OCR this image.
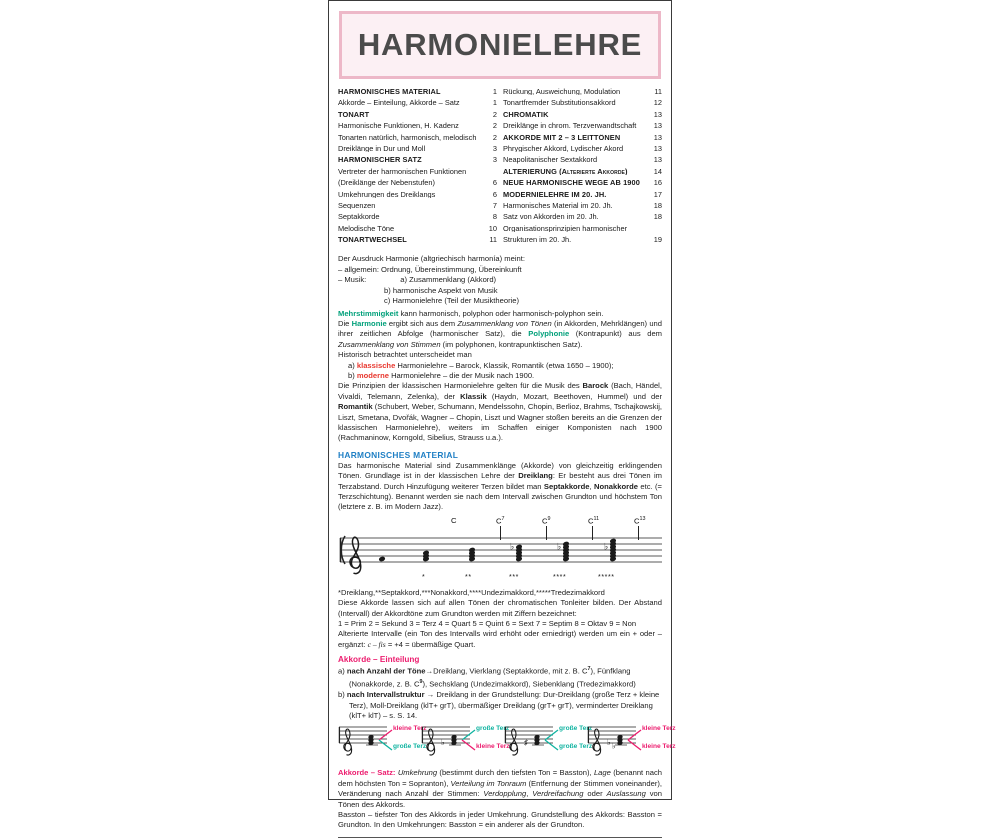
HARMONIELEHRE
HARMONISCHES MATERIAL	1
Akkorde – Einteilung, Akkorde – Satz	1
TONART	2
Harmonische Funktionen, H. Kadenz	2
Tonarten natürlich, harmonisch, melodisch	2
Dreiklänge in Dur und Moll	3
HARMONISCHER SATZ	3
Vertreter der harmonischen Funktionen
(Dreiklänge der Nebenstufen)	6
Umkehrungen des Dreiklangs	6
Sequenzen	7
Septakkorde	8
Melodische Töne	10
TONARTWECHSEL	11
Rückung, Ausweichung, Modulation	11
Tonartfremder Substitutionsakkord	12
CHROMATIK	13
Dreiklänge in chrom. Terzverwandtschaft	13
AKKORDE MIT 2 – 3 LEITTÖNEN	13
Phrygischer Akkord, Lydischer Akord	13
Neapolitanischer Sextakkord	13
ALTERIERUNG (Alterierte Akkorde)	14
NEUE HARMONISCHE WEGE AB 1900	16
MODERNIELEHRE IM 20. JH.	17
Harmonisches Material im 20. Jh.	18
Satz von Akkorden im 20. Jh.	18
Organisationsprinzipien harmonischer
Strukturen im 20. Jh.	19

Der Ausdruck Harmonie (altgriechisch harmonía) meint:

– allgemein: Ordnung, Übereinstimmung, Übereinkunft

– Musik:	a) Zusammenklang (Akkord)

b) harmonische Aspekt von Musik

c) Harmonielehre (Teil der Musiktheorie)

Mehrstimmigkeit kann harmonisch, polyphon oder harmonisch-polyphon sein.

Die Harmonie ergibt sich aus dem Zusammenklang von Tönen (in Akkorden, Mehrklängen) und ihrer zeitlichen Abfolge (harmonischer Satz), die Polyphonie (Kontrapunkt) aus dem Zusammenklang von Stimmen (im polyphonen, kontrapunktischen Satz).

Historisch betrachtet unterscheidet man

a) klassische Harmonielehre – Barock, Klassik, Romantik (etwa 1650 – 1900);

b) moderne Harmonielehre – die der Musik nach 1900.

Die Prinzipien der klassischen Harmonielehre gelten für die Musik des Barock (Bach, Händel, Vivaldi, Telemann, Zelenka), der Klassik (Haydn, Mozart, Beethoven, Hummel) und der Romantik (Schubert, Weber, Schumann, Mendelssohn, Chopin, Berlioz, Brahms, Tschajkowskij, Liszt, Smetana, Dvořák, Wagner – Chopin, Liszt und Wagner stoßen bereits an die Grenzen der klassischen Harmonielehre), weiters im Schaffen einiger Komponisten nach 1900 (Rachmaninow, Korngold, Sibelius, Strauss u.a.).

HARMONISCHES MATERIAL

Das harmonische Material sind Zusammenklänge (Akkorde) von gleichzeitig erklingenden Tönen. Grundlage ist in der klassischen Lehre der Dreiklang: Er besteht aus drei Tönen im Terzabstand. Durch Hinzufügung weiterer Terzen bildet man Septakkorde, Nonakkorde etc. (= Terzschichtung). Benannt werden sie nach dem Intervall zwischen Grundton und höchstem Ton (letztere z. B. im Modern Jazz).

C	$C^7$	$C^9$	$C^{11}$	$C^{13}$
♭	♭	♭
*	**	***	****	*****

*Dreiklang,**Septakkord,***Nonakkord,****Undezimakkord,*****Tredezimakkord

Diese Akkorde lassen sich auf allen Tönen der chromatischen Tonleiter bilden. Der Abstand (Intervall) der Akkordtöne zum Grundton werden mit Ziffern bezeichnet:

1 = Prim 2 = Sekund 3 = Terz 4 = Quart 5 = Quint 6 = Sext 7 = Septim 8 = Oktav 9 = Non

Alterierte Intervalle (ein Ton des Intervalls wird erhöht oder erniedrigt) werden um ein + oder – ergänzt: c – fis = +4 = übermäßige Quart.

Akkorde – Einteilung

a) nach Anzahl der Töne→Dreiklang, Vierklang (Septakkorde, mit z. B. $C^7$), Fünfklang (Nonakkorde, z. B. $C^9$), Sechsklang (Undezimakkord), Siebenklang (Tredezimakkord)

b) nach Intervallstruktur → Dreiklang in der Grundstellung: Dur-Dreiklang (große Terz + kleine Terz), Moll-Dreiklang (klT+ grT), übermäßiger Dreiklang (grT+ grT), verminderter Dreiklang (klT+ klT) – s. S. 14.

kleine Terz
große Terz ♭
große Terz
kleine Terz ♯
große Terz
große Terz ♭ ♭
kleine Terz
kleine Terz

Akkorde – Satz: Umkehrung (bestimmt durch den tiefsten Ton = Basston), Lage (benannt nach dem höchsten Ton = Sopranton), Verteilung im Tonraum (Entfernung der Stimmen voneinander), Veränderung nach Anzahl der Stimmen: Verdopplung, Verdreifachung oder Auslassung von Tönen des Akkords.

Basston – tiefster Ton des Akkords in jeder Umkehrung. Grundstellung des Akkords: Basston = Grundton. In den Umkehrungen: Basston = ein anderer als der Grundton.
